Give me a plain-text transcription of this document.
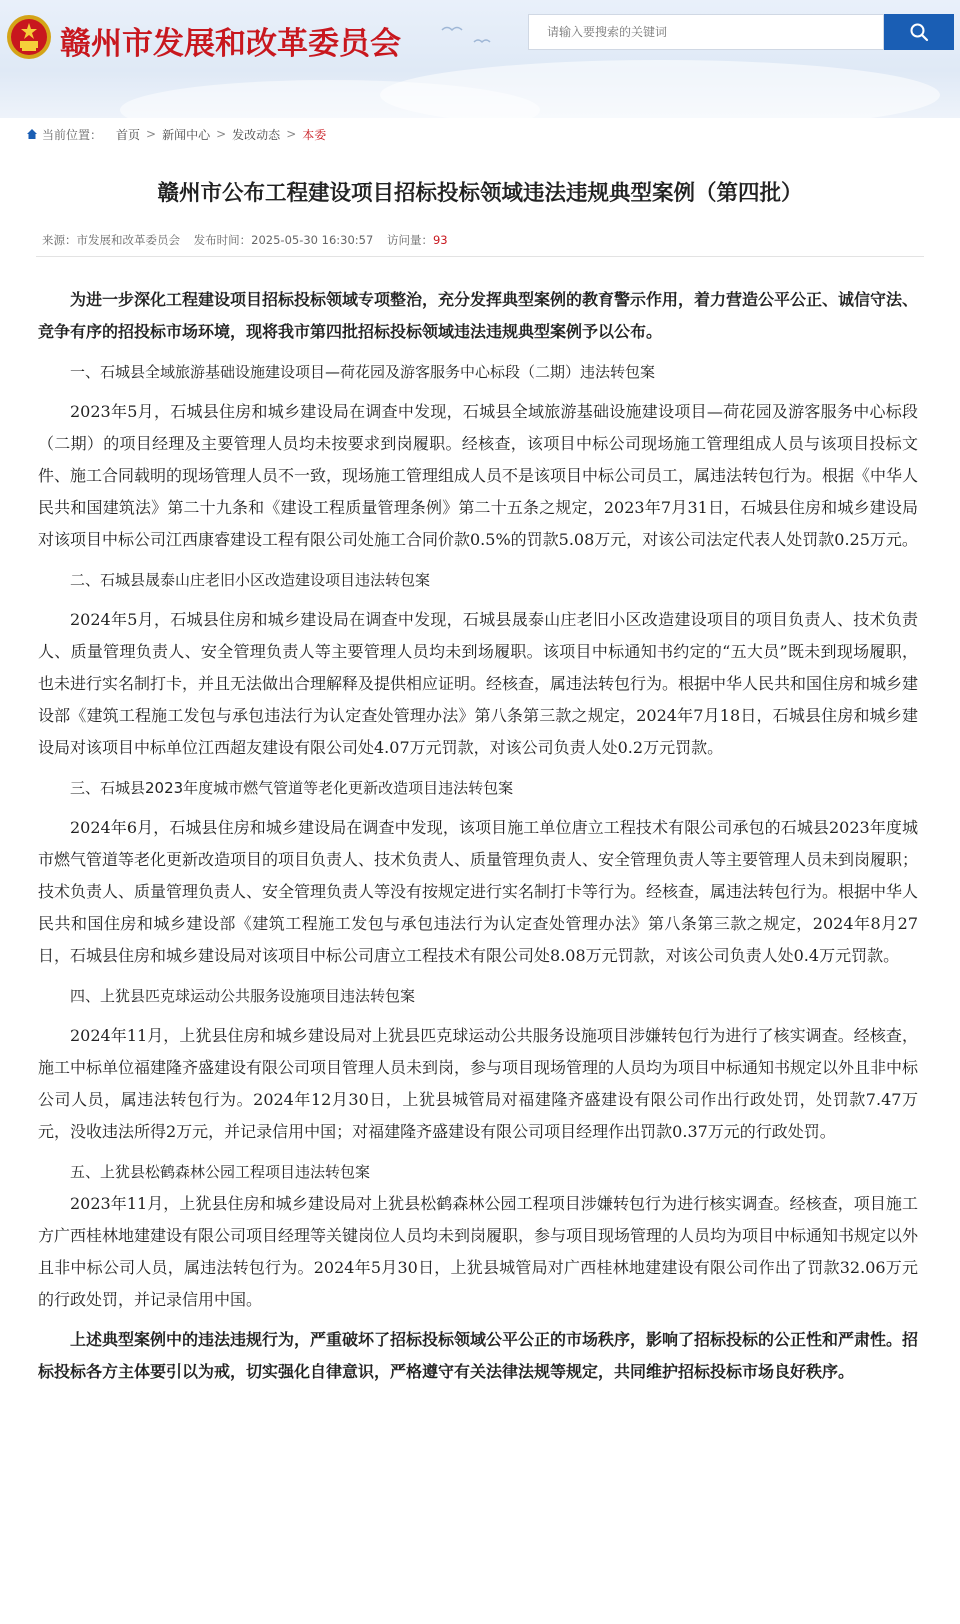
赣州市发展和改革委员会
请输入要搜索的关键词
当前位置： 首页 > 新闻中心 > 发改动态 > 本委
赣州市公布工程建设项目招标投标领域违法违规典型案例（第四批）
来源：市发展和改革委员会 发布时间：2025-05-30 16:30:57 访问量：93

为进一步深化工程建设项目招标投标领域专项整治，充分发挥典型案例的教育警示作用，着力营造公平公正、诚信守法、竞争有序的招投标市场环境，现将我市第四批招标投标领域违法违规典型案例予以公布。

一、石城县全域旅游基础设施建设项目—荷花园及游客服务中心标段（二期）违法转包案

2023年5月，石城县住房和城乡建设局在调查中发现，石城县全域旅游基础设施建设项目—荷花园及游客服务中心标段（二期）的项目经理及主要管理人员均未按要求到岗履职。经核查，该项目中标公司现场施工管理组成人员与该项目投标文件、施工合同载明的现场管理人员不一致，现场施工管理组成人员不是该项目中标公司员工，属违法转包行为。根据《中华人民共和国建筑法》第二十九条和《建设工程质量管理条例》第二十五条之规定，2023年7月31日，石城县住房和城乡建设局对该项目中标公司江西康睿建设工程有限公司处施工合同价款0.5%的罚款5.08万元，对该公司法定代表人处罚款0.25万元。

二、石城县晟泰山庄老旧小区改造建设项目违法转包案

2024年5月，石城县住房和城乡建设局在调查中发现，石城县晟泰山庄老旧小区改造建设项目的项目负责人、技术负责人、质量管理负责人、安全管理负责人等主要管理人员均未到场履职。该项目中标通知书约定的“五大员”既未到现场履职，也未进行实名制打卡，并且无法做出合理解释及提供相应证明。经核查，属违法转包行为。根据中华人民共和国住房和城乡建设部《建筑工程施工发包与承包违法行为认定查处管理办法》第八条第三款之规定，2024年7月18日，石城县住房和城乡建设局对该项目中标单位江西超友建设有限公司处4.07万元罚款，对该公司负责人处0.2万元罚款。

三、石城县2023年度城市燃气管道等老化更新改造项目违法转包案

2024年6月，石城县住房和城乡建设局在调查中发现，该项目施工单位唐立工程技术有限公司承包的石城县2023年度城市燃气管道等老化更新改造项目的项目负责人、技术负责人、质量管理负责人、安全管理负责人等主要管理人员未到岗履职；技术负责人、质量管理负责人、安全管理负责人等没有按规定进行实名制打卡等行为。经核查，属违法转包行为。根据中华人民共和国住房和城乡建设部《建筑工程施工发包与承包违法行为认定查处管理办法》第八条第三款之规定，2024年8月27日，石城县住房和城乡建设局对该项目中标公司唐立工程技术有限公司处8.08万元罚款，对该公司负责人处0.4万元罚款。

四、上犹县匹克球运动公共服务设施项目违法转包案

2024年11月，上犹县住房和城乡建设局对上犹县匹克球运动公共服务设施项目涉嫌转包行为进行了核实调查。经核查，施工中标单位福建隆齐盛建设有限公司项目管理人员未到岗，参与项目现场管理的人员均为项目中标通知书规定以外且非中标公司人员，属违法转包行为。2024年12月30日，上犹县城管局对福建隆齐盛建设有限公司作出行政处罚，处罚款7.47万元，没收违法所得2万元，并记录信用中国；对福建隆齐盛建设有限公司项目经理作出罚款0.37万元的行政处罚。

五、上犹县松鹤森林公园工程项目违法转包案

2023年11月，上犹县住房和城乡建设局对上犹县松鹤森林公园工程项目涉嫌转包行为进行核实调查。经核查，项目施工方广西桂林地建建设有限公司项目经理等关键岗位人员均未到岗履职，参与项目现场管理的人员均为项目中标通知书规定以外且非中标公司人员，属违法转包行为。2024年5月30日，上犹县城管局对广西桂林地建建设有限公司作出了罚款32.06万元的行政处罚，并记录信用中国。

上述典型案例中的违法违规行为，严重破坏了招标投标领域公平公正的市场秩序，影响了招标投标的公正性和严肃性。招标投标各方主体要引以为戒，切实强化自律意识，严格遵守有关法律法规等规定，共同维护招标投标市场良好秩序。
